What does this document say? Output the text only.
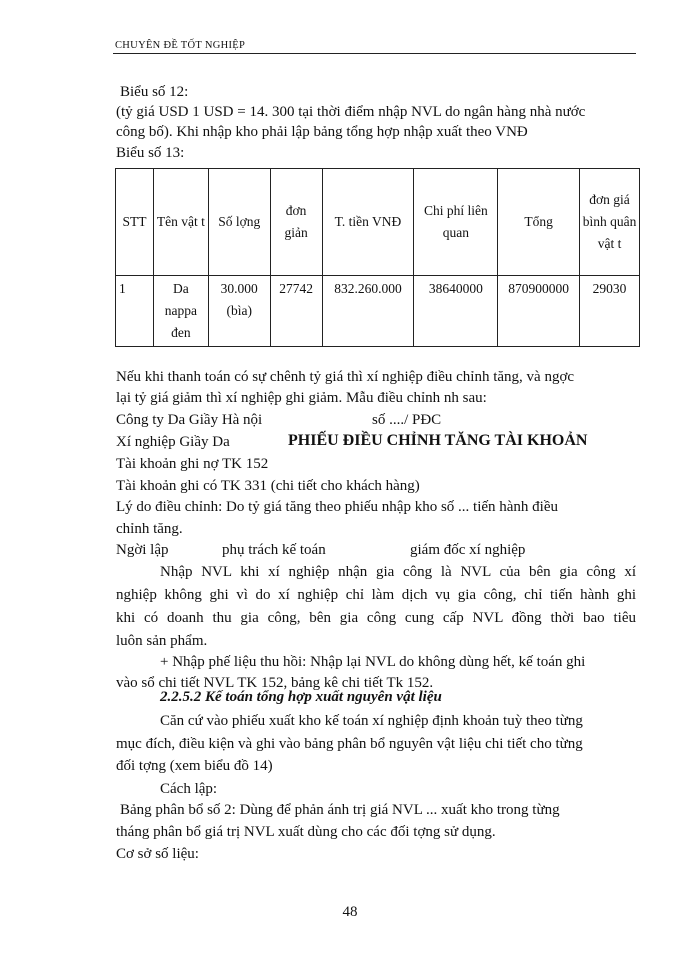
CHUYÊN ĐỀ TỐT NGHIỆP
Biểu số 12:
(tỷ giá USD 1 USD = 14. 300 tại thời điểm nhập NVL do ngân hàng nhà nước
công bố). Khi nhập kho phải lập bảng tổng hợp nhập xuất theo VNĐ
Biểu số 13:
STT	Tên vật t	Số lợng	đơn giản	T. tiền VNĐ	Chi phí liên quan	Tổng	đơn giá bình quân vật t
1	Da nappa đen	30.000 (bìa)	27742	832.260.000	38640000	870900000	29030
Nếu khi thanh toán có sự chênh tỷ giá thì xí nghiệp điều chỉnh tăng, và ngợc
lại tỷ giá giảm thì xí nghiệp ghi giảm. Mẫu điều chỉnh nh sau:
Công ty Da Giầy Hà nội	số ..../ PĐC
Xí nghiệp Giầy Da	PHIẾU ĐIỀU CHỈNH TĂNG TÀI KHOẢN
Tài khoản ghi nợ TK 152
Tài khoản ghi có TK 331 (chi tiết cho khách hàng)
Lý do điều chỉnh: Do tỷ giá tăng theo phiếu nhập kho số ... tiến hành điều
chỉnh tăng.
Ngời lập	phụ trách kế toán	giám đốc xí nghiệp
Nhập NVL khi xí nghiệp nhận gia công là NVL của bên gia công xí
nghiệp không ghi vì do xí nghiệp chỉ làm dịch vụ gia công, chỉ tiến hành ghi
khi có doanh thu gia công, bên gia công cung cấp NVL đồng thời bao tiêu
luôn sản phẩm.
+ Nhập phế liệu thu hồi: Nhập lại NVL do không dùng hết, kế toán ghi
vào sổ chi tiết NVL TK 152, bảng kê chi tiết Tk 152.
2.2.5.2 Kế toán tổng hợp xuất nguyên vật liệu
Căn cứ vào phiếu xuất kho kế toán xí nghiệp định khoản tuỳ theo từng
mục đích, điều kiện và ghi vào bảng phân bổ nguyên vật liệu chi tiết cho từng
đối tợng (xem biểu đồ 14)
Cách lập:
Bảng phân bổ số 2: Dùng để phản ánh trị giá NVL ... xuất kho trong từng
tháng phân bổ giá trị NVL xuất dùng cho các đối tợng sử dụng.
Cơ sở số liệu:
48
